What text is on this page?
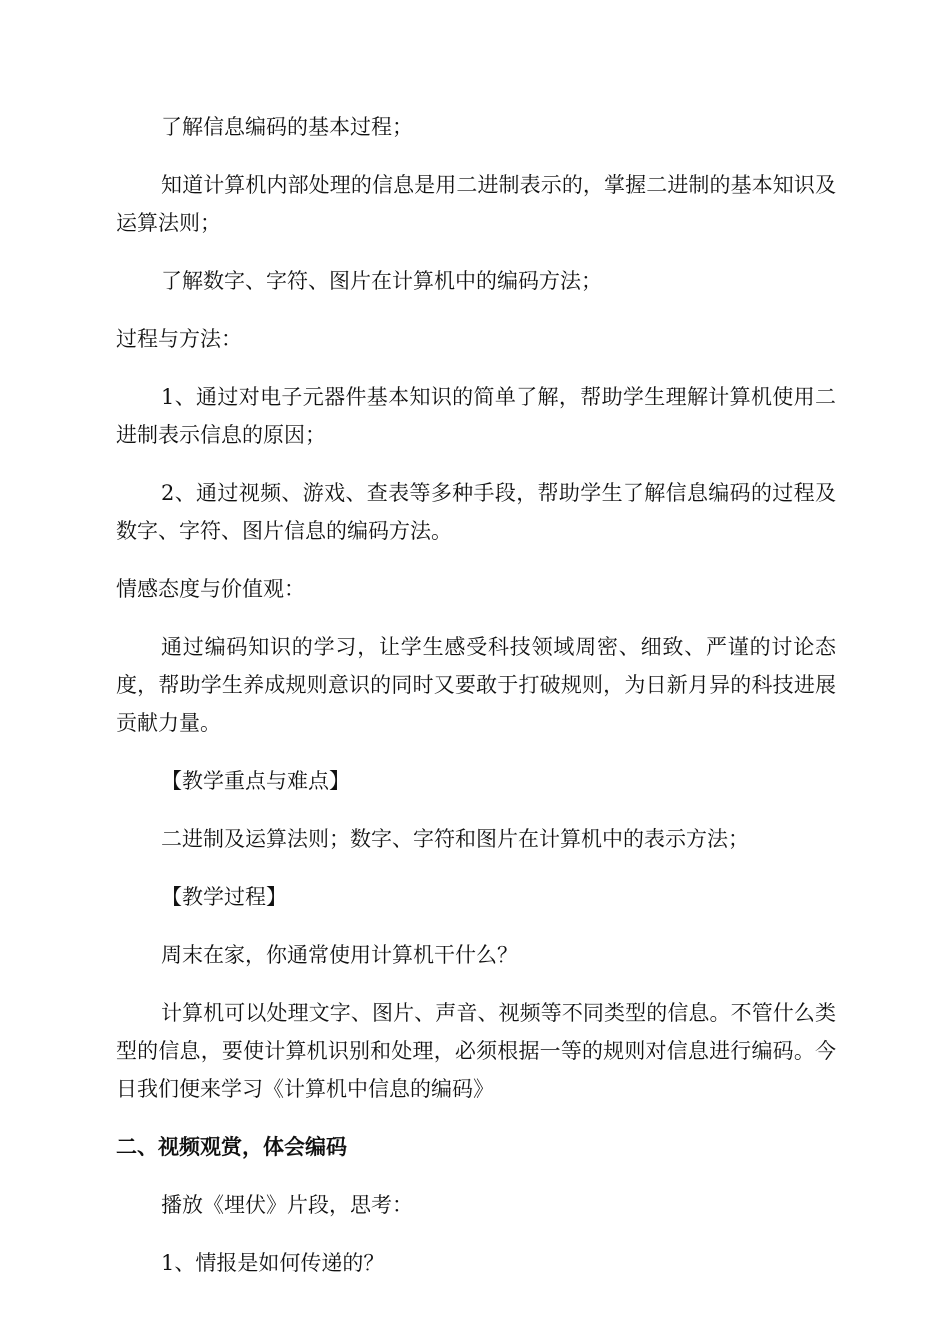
了解信息编码的基本过程；

知道计算机内部处理的信息是用二进制表示的，掌握二进制的基本知识及运算法则；

了解数字、字符、图片在计算机中的编码方法；

过程与方法：

1、通过对电子元器件基本知识的简单了解，帮助学生理解计算机使用二进制表示信息的原因；

2、通过视频、游戏、查表等多种手段，帮助学生了解信息编码的过程及数字、字符、图片信息的编码方法。

情感态度与价值观：

通过编码知识的学习，让学生感受科技领域周密、细致、严谨的讨论态度，帮助学生养成规则意识的同时又要敢于打破规则，为日新月异的科技进展贡献力量。

【教学重点与难点】

二进制及运算法则；数字、字符和图片在计算机中的表示方法；

【教学过程】

周末在家，你通常使用计算机干什么？

计算机可以处理文字、图片、声音、视频等不同类型的信息。不管什么类型的信息，要使计算机识别和处理，必须根据一等的规则对信息进行编码。今日我们便来学习《计算机中信息的编码》

二、视频观赏，体会编码

播放《埋伏》片段，思考：

1、情报是如何传递的？
